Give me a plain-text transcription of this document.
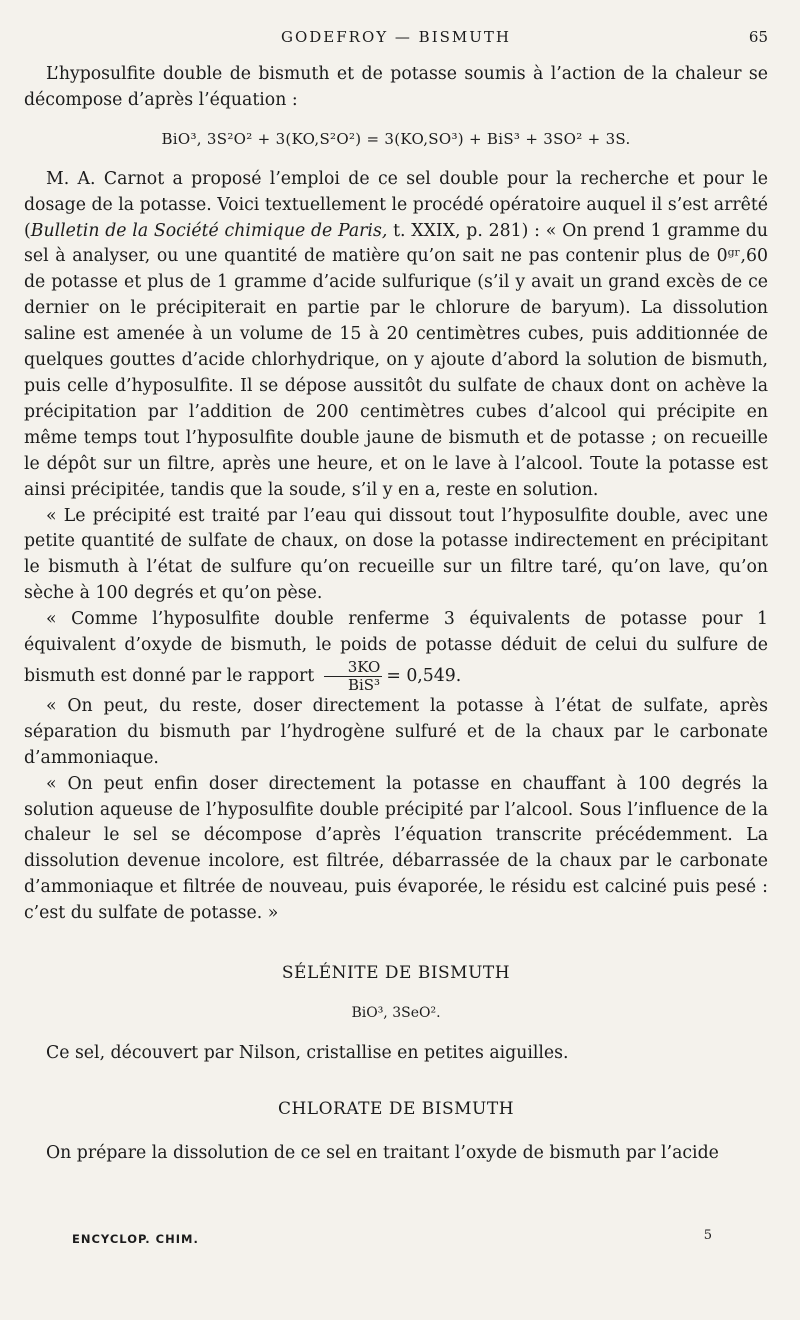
GODEFROY — BISMUTH	65

L’hyposulfite double de bismuth et de potasse soumis à l’action de la chaleur se décompose d’après l’équation :

BiO³, 3S²O² + 3(KO,S²O²) = 3(KO,SO³) + BiS³ + 3SO² + 3S.

M. A. Carnot a proposé l’emploi de ce sel double pour la recherche et pour le dosage de la potasse. Voici textuellement le procédé opératoire auquel il s’est arrêté (Bulletin de la Société chimique de Paris, t. XXIX, p. 281) : « On prend 1 gramme du sel à analyser, ou une quantité de matière qu’on sait ne pas contenir plus de 0ᵍʳ,60 de potasse et plus de 1 gramme d’acide sulfurique (s’il y avait un grand excès de ce dernier on le précipiterait en partie par le chlorure de baryum). La dissolution saline est amenée à un volume de 15 à 20 centimètres cubes, puis additionnée de quelques gouttes d’acide chlorhydrique, on y ajoute d’abord la solution de bismuth, puis celle d’hyposulfite. Il se dépose aussitôt du sulfate de chaux dont on achève la précipitation par l’addition de 200 centimètres cubes d’alcool qui précipite en même temps tout l’hyposulfite double jaune de bismuth et de potasse ; on recueille le dépôt sur un filtre, après une heure, et on le lave à l’alcool. Toute la potasse est ainsi précipitée, tandis que la soude, s’il y en a, reste en solution.

« Le précipité est traité par l’eau qui dissout tout l’hyposulfite double, avec une petite quantité de sulfate de chaux, on dose la potasse indirectement en précipitant le bismuth à l’état de sulfure qu’on recueille sur un filtre taré, qu’on lave, qu’on sèche à 100 degrés et qu’on pèse.

« Comme l’hyposulfite double renferme 3 équivalents de potasse pour 1 équivalent d’oxyde de bismuth, le poids de potasse déduit de celui du sulfure de bismuth est donné par le rapport $\frac{3KO}{\text{BiS³}} = 0,549$.

« On peut, du reste, doser directement la potasse à l’état de sulfate, après séparation du bismuth par l’hydrogène sulfuré et de la chaux par le carbonate d’ammoniaque.

« On peut enfin doser directement la potasse en chauffant à 100 degrés la solution aqueuse de l’hyposulfite double précipité par l’alcool. Sous l’influence de la chaleur le sel se décompose d’après l’équation transcrite précédemment. La dissolution devenue incolore, est filtrée, débarrassée de la chaux par le carbonate d’ammoniaque et filtrée de nouveau, puis évaporée, le résidu est calciné puis pesé : c’est du sulfate de potasse. »

SÉLÉNITE DE BISMUTH
BiO³, 3SeO².

Ce sel, découvert par Nilson, cristallise en petites aiguilles.

CHLORATE DE BISMUTH

On prépare la dissolution de ce sel en traitant l’oxyde de bismuth par l’acide

ENCYCLOP. CHIM.	5
